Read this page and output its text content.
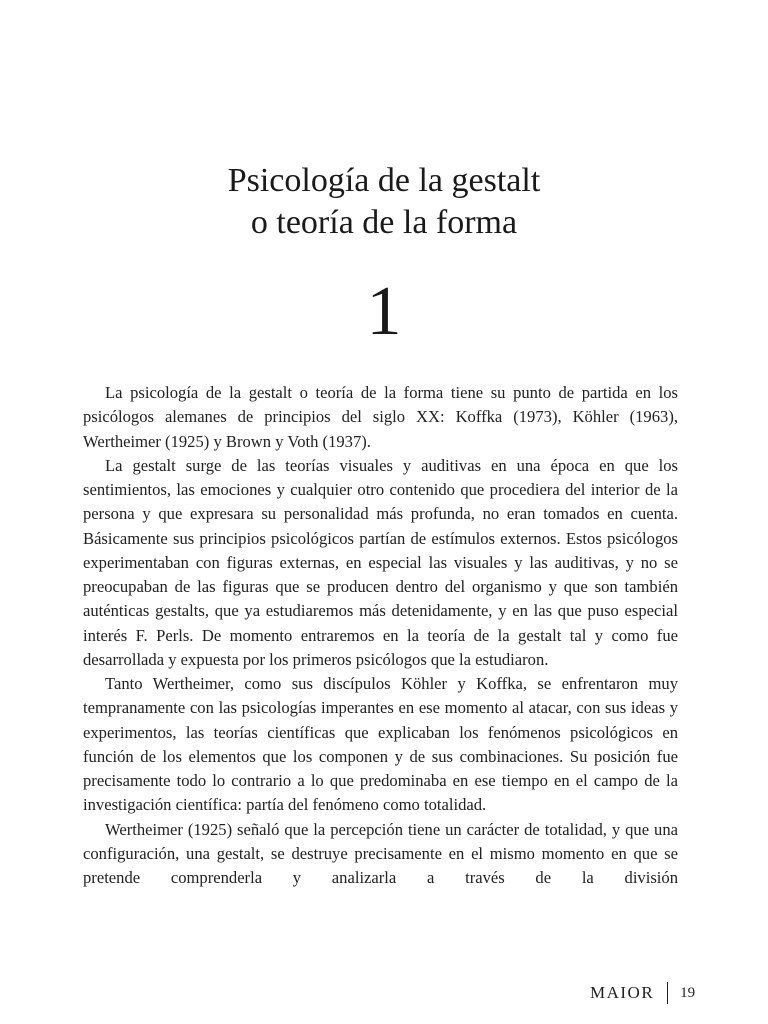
Psicología de la gestalt
o teoría de la forma
1

La psicología de la gestalt o teoría de la forma tiene su punto de partida en los psicólogos alemanes de principios del siglo XX: Koffka (1973), Köhler (1963), Wertheimer (1925) y Brown y Voth (1937).

La gestalt surge de las teorías visuales y auditivas en una época en que los sentimientos, las emociones y cualquier otro contenido que procediera del interior de la persona y que expresara su personalidad más profunda, no eran tomados en cuenta. Básicamente sus principios psicológicos partían de estímulos externos. Estos psicólogos experimentaban con figuras externas, en especial las visuales y las auditivas, y no se preocupaban de las figuras que se producen dentro del organismo y que son también auténticas gestalts, que ya estudiaremos más detenidamente, y en las que puso especial interés F. Perls. De momento entraremos en la teoría de la gestalt tal y como fue desarrollada y expuesta por los primeros psicólogos que la estudiaron.

Tanto Wertheimer, como sus discípulos Köhler y Koffka, se enfrentaron muy tempranamente con las psicologías imperantes en ese momento al atacar, con sus ideas y experimentos, las teorías científicas que explicaban los fenómenos psicológicos en función de los elementos que los componen y de sus combinaciones. Su posición fue precisamente todo lo contrario a lo que predominaba en ese tiempo en el campo de la investigación científica: partía del fenómeno como totalidad.

Wertheimer (1925) señaló que la percepción tiene un carácter de totalidad, y que una configuración, una gestalt, se destruye precisamente en el mismo momento en que se pretende comprenderla y analizarla a través de la división

MAIOR 19
